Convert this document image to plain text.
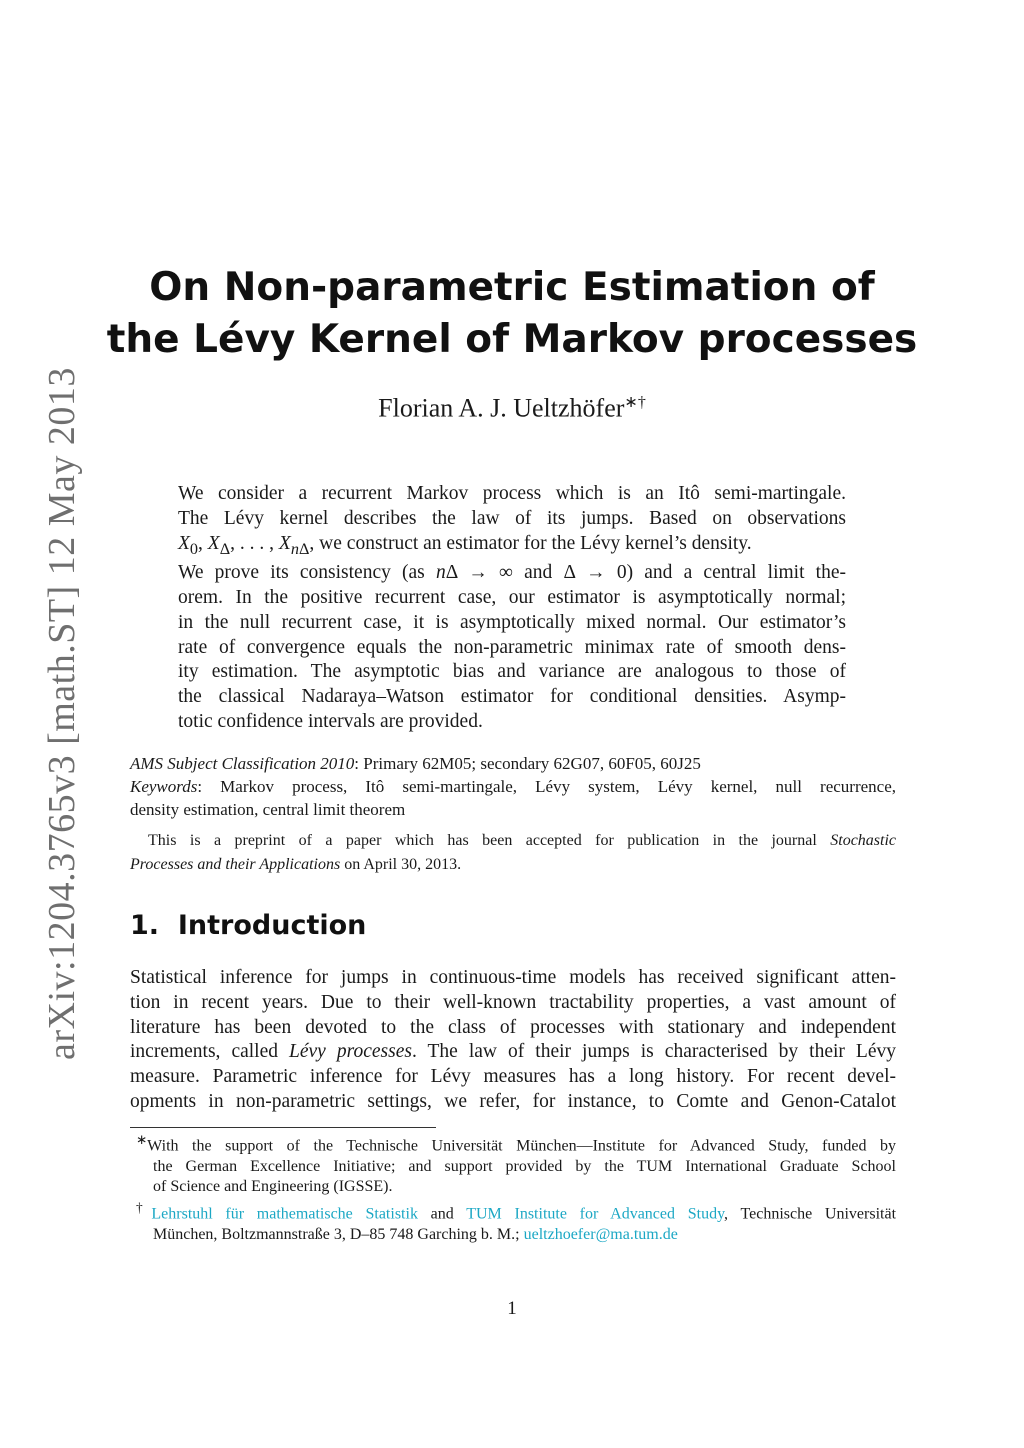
arXiv:1204.3765v3 [math.ST] 12 May 2013
On Non-parametric Estimation of
the Lévy Kernel of Markov processes
Florian A. J. Ueltzhöfer∗†
We consider a recurrent Markov process which is an Itô semi-martingale.
The Lévy kernel describes the law of its jumps. Based on observations
$X_0$, $X_\Delta$, . . . , $X_{n\Delta}$, we construct an estimator for the Lévy kernel’s density.
We prove its consistency (as nΔ → ∞ and Δ → 0) and a central limit the-
orem. In the positive recurrent case, our estimator is asymptotically normal;
in the null recurrent case, it is asymptotically mixed normal. Our estimator’s
rate of convergence equals the non-parametric minimax rate of smooth dens-
ity estimation. The asymptotic bias and variance are analogous to those of
the classical Nadaraya–Watson estimator for conditional densities. Asymp-
totic confidence intervals are provided.
AMS Subject Classification 2010: Primary 62M05; secondary 62G07, 60F05, 60J25
Keywords: Markov process, Itô semi-martingale, Lévy system, Lévy kernel, null recurrence,
density estimation, central limit theorem
This is a preprint of a paper which has been accepted for publication in the journal Stochastic
Processes and their Applications on April 30, 2013.
1. Introduction
Statistical inference for jumps in continuous-time models has received significant atten-
tion in recent years. Due to their well-known tractability properties, a vast amount of
literature has been devoted to the class of processes with stationary and independent
increments, called Lévy processes. The law of their jumps is characterised by their Lévy
measure. Parametric inference for Lévy measures has a long history. For recent devel-
opments in non-parametric settings, we refer, for instance, to Comte and Genon-Catalot
∗With the support of the Technische Universität München—Institute for Advanced Study, funded by
the German Excellence Initiative; and support provided by the TUM International Graduate School
of Science and Engineering (IGSSE).
†Lehrstuhl für mathematische Statistik and TUM Institute for Advanced Study, Technische Universität
München, Boltzmannstraße 3, D–85 748 Garching b. M.; ueltzhoefer@ma.tum.de
1
